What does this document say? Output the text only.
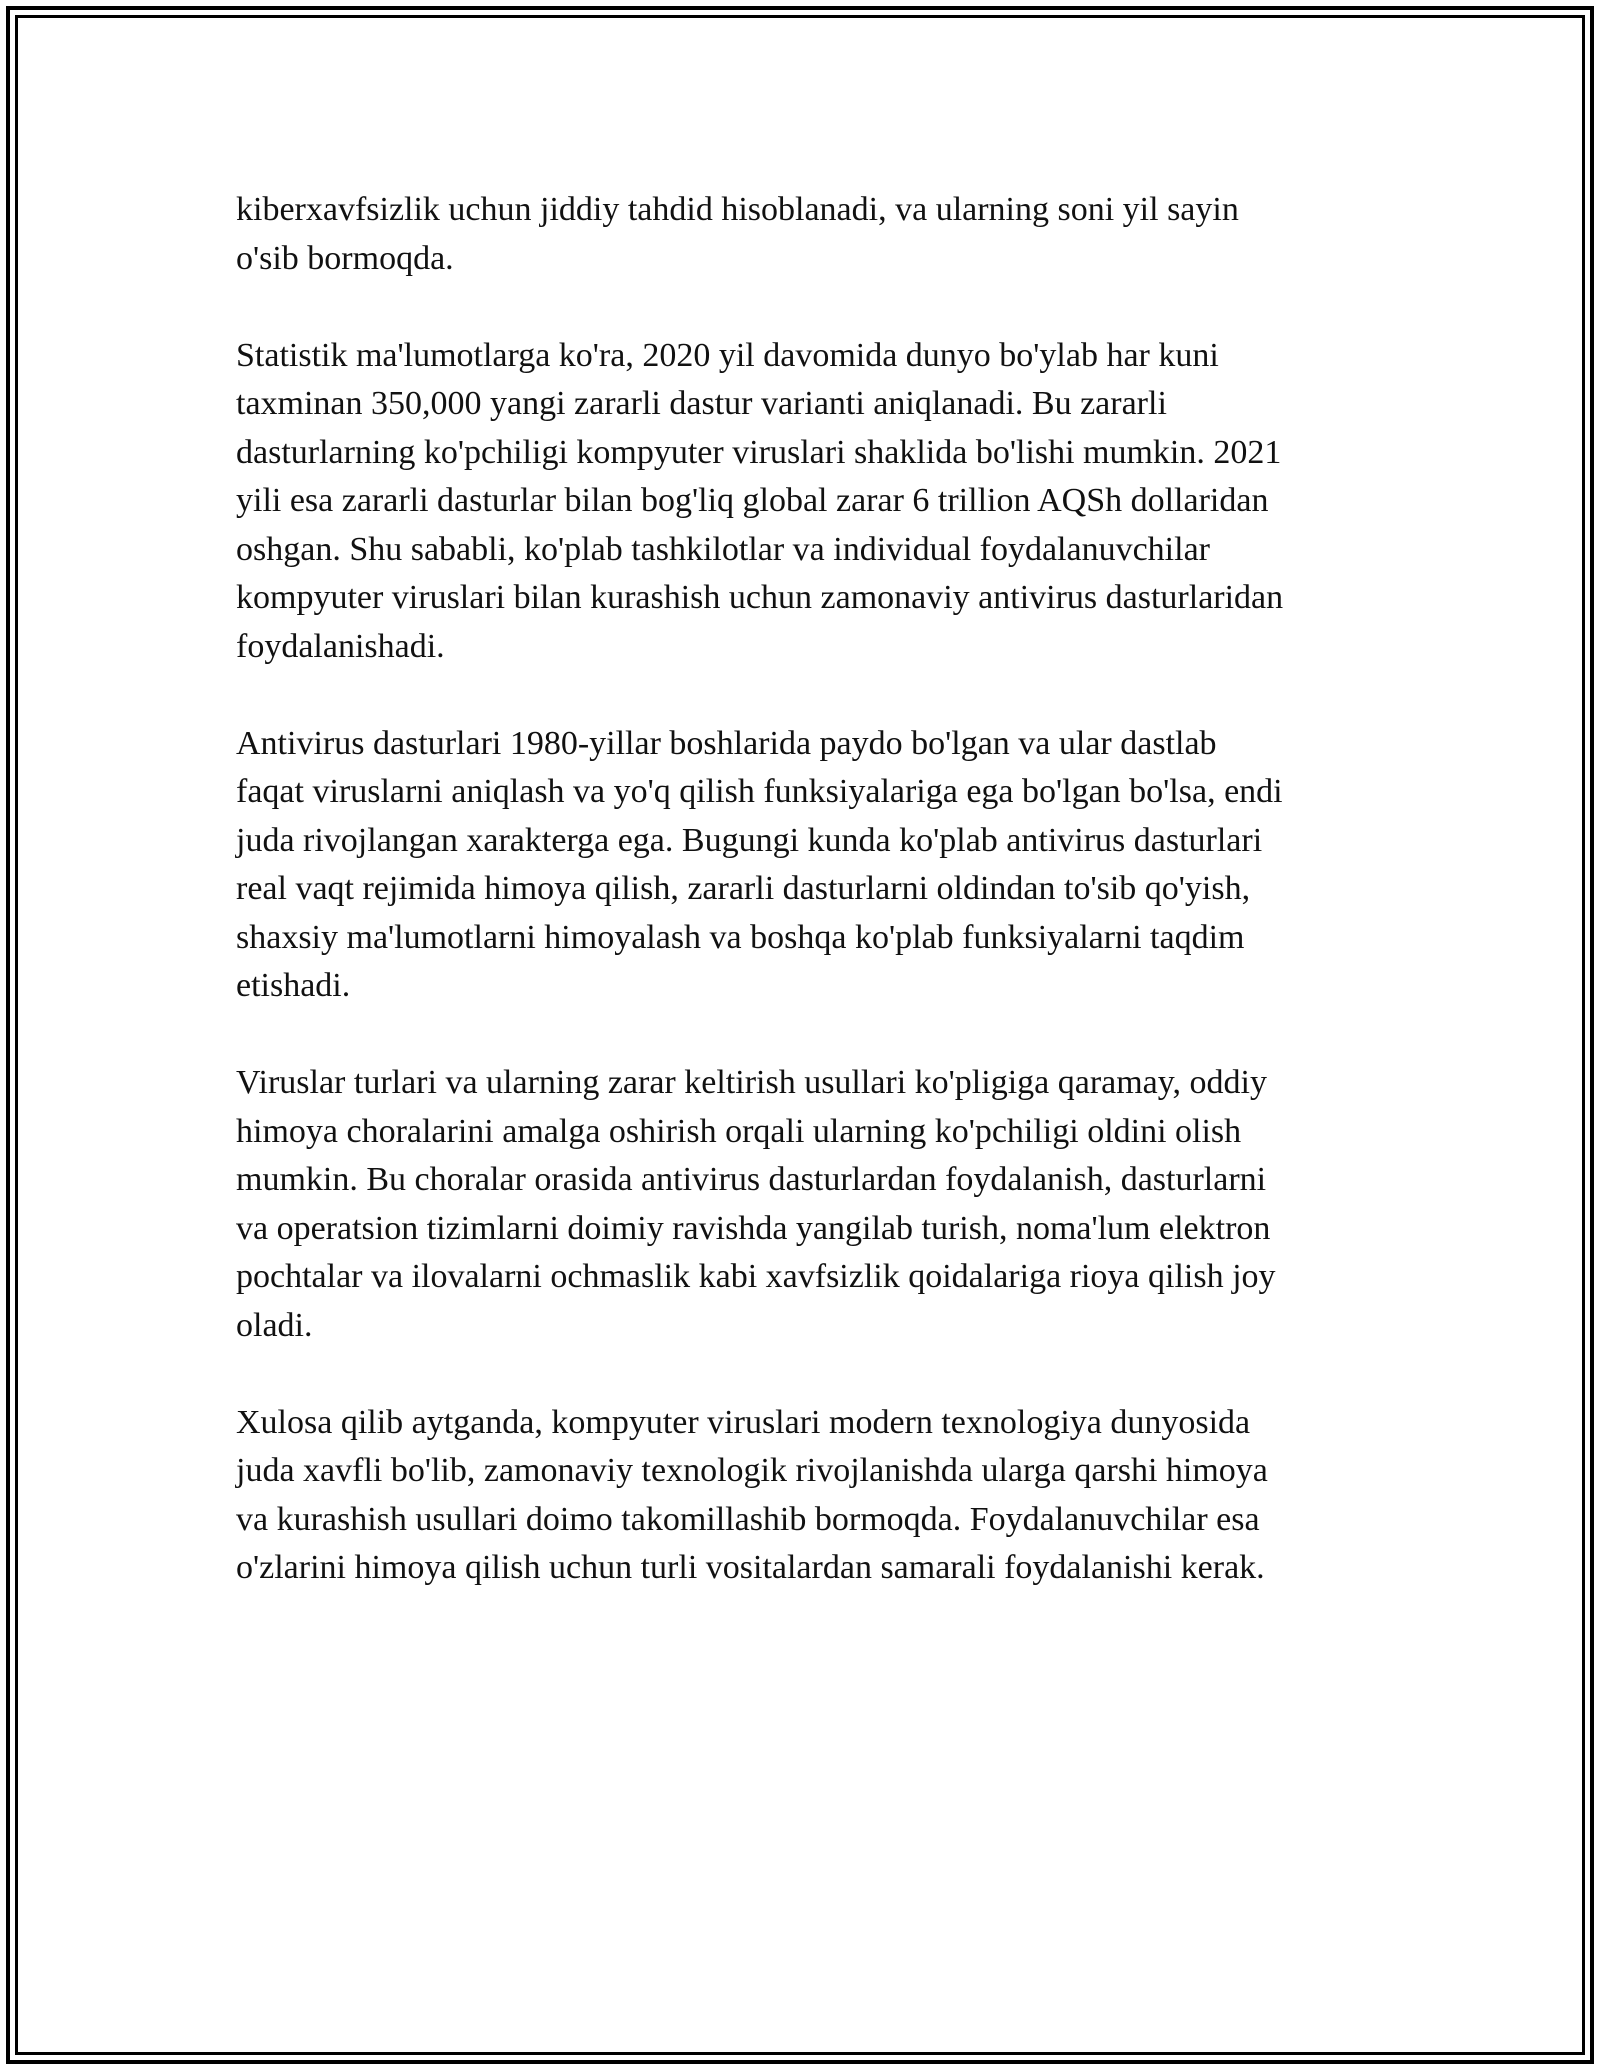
kiberxavfsizlik uchun jiddiy tahdid hisoblanadi, va ularning soni yil sayin
o'sib bormoqda.

Statistik ma'lumotlarga ko'ra, 2020 yil davomida dunyo bo'ylab har kuni
taxminan 350,000 yangi zararli dastur varianti aniqlanadi. Bu zararli
dasturlarning ko'pchiligi kompyuter viruslari shaklida bo'lishi mumkin. 2021
yili esa zararli dasturlar bilan bog'liq global zarar 6 trillion AQSh dollaridan
oshgan. Shu sababli, ko'plab tashkilotlar va individual foydalanuvchilar
kompyuter viruslari bilan kurashish uchun zamonaviy antivirus dasturlaridan
foydalanishadi.

Antivirus dasturlari 1980-yillar boshlarida paydo bo'lgan va ular dastlab
faqat viruslarni aniqlash va yo'q qilish funksiyalariga ega bo'lgan bo'lsa, endi
juda rivojlangan xarakterga ega. Bugungi kunda ko'plab antivirus dasturlari
real vaqt rejimida himoya qilish, zararli dasturlarni oldindan to'sib qo'yish,
shaxsiy ma'lumotlarni himoyalash va boshqa ko'plab funksiyalarni taqdim
etishadi.

Viruslar turlari va ularning zarar keltirish usullari ko'pligiga qaramay, oddiy
himoya choralarini amalga oshirish orqali ularning ko'pchiligi oldini olish
mumkin. Bu choralar orasida antivirus dasturlardan foydalanish, dasturlarni
va operatsion tizimlarni doimiy ravishda yangilab turish, noma'lum elektron
pochtalar va ilovalarni ochmaslik kabi xavfsizlik qoidalariga rioya qilish joy
oladi.

Xulosa qilib aytganda, kompyuter viruslari modern texnologiya dunyosida
juda xavfli bo'lib, zamonaviy texnologik rivojlanishda ularga qarshi himoya
va kurashish usullari doimo takomillashib bormoqda. Foydalanuvchilar esa
o'zlarini himoya qilish uchun turli vositalardan samarali foydalanishi kerak.
